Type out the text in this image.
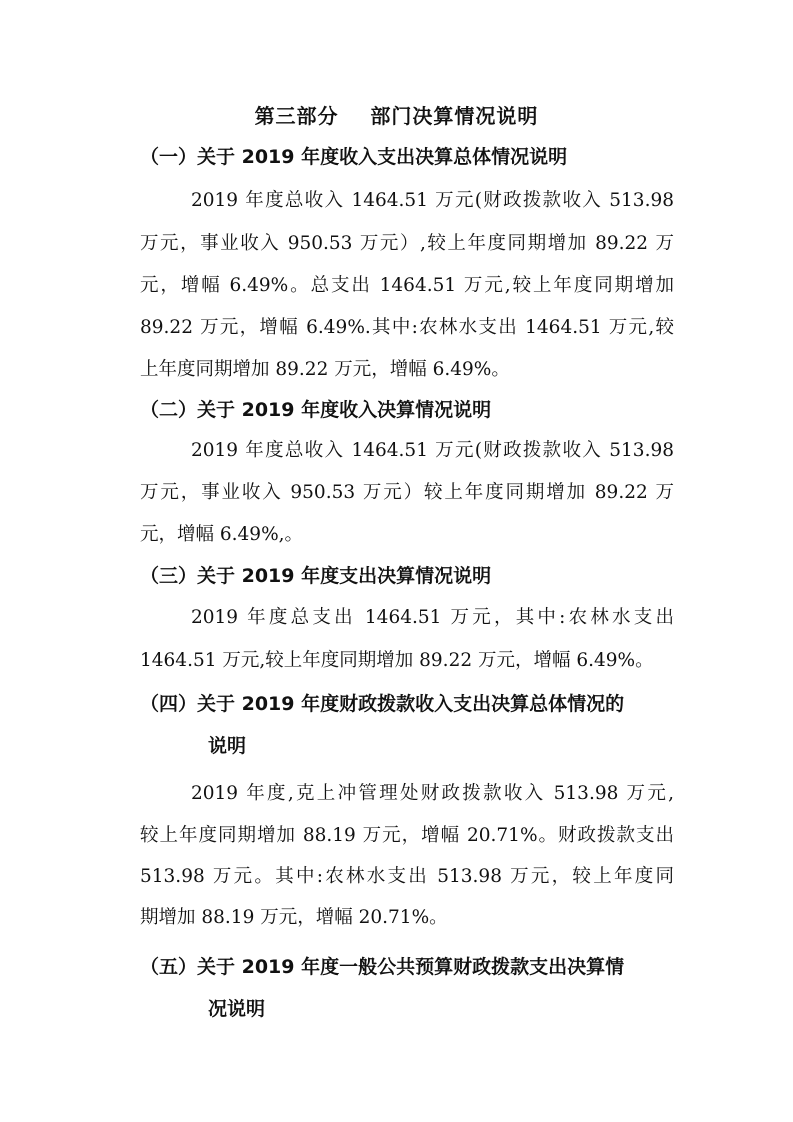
第三部分    部门决算情况说明
（一）关于 2019 年度收入支出决算总体情况说明
2019 年度总收入 1464.51 万元(财政拨款收入 513.98
万元，事业收入 950.53 万元）,较上年度同期增加 89.22 万
元，增幅 6.49%。总支出 1464.51 万元,较上年度同期增加
89.22 万元，增幅 6.49%.其中:农林水支出 1464.51 万元,较
上年度同期增加 89.22 万元，增幅 6.49%。
（二）关于 2019 年度收入决算情况说明
2019 年度总收入 1464.51 万元(财政拨款收入 513.98
万元，事业收入 950.53 万元）较上年度同期增加 89.22 万
元，增幅 6.49%,。
（三）关于 2019 年度支出决算情况说明
2019 年度总支出 1464.51 万元，其中:农林水支出
1464.51 万元,较上年度同期增加 89.22 万元，增幅 6.49%。
（四）关于 2019 年度财政拨款收入支出决算总体情况的
说明
2019 年度,克上冲管理处财政拨款收入 513.98 万元,
较上年度同期增加 88.19 万元，增幅 20.71%。财政拨款支出
513.98 万元。其中:农林水支出 513.98 万元，较上年度同
期增加 88.19 万元，增幅 20.71%。
（五）关于 2019 年度一般公共预算财政拨款支出决算情
况说明
